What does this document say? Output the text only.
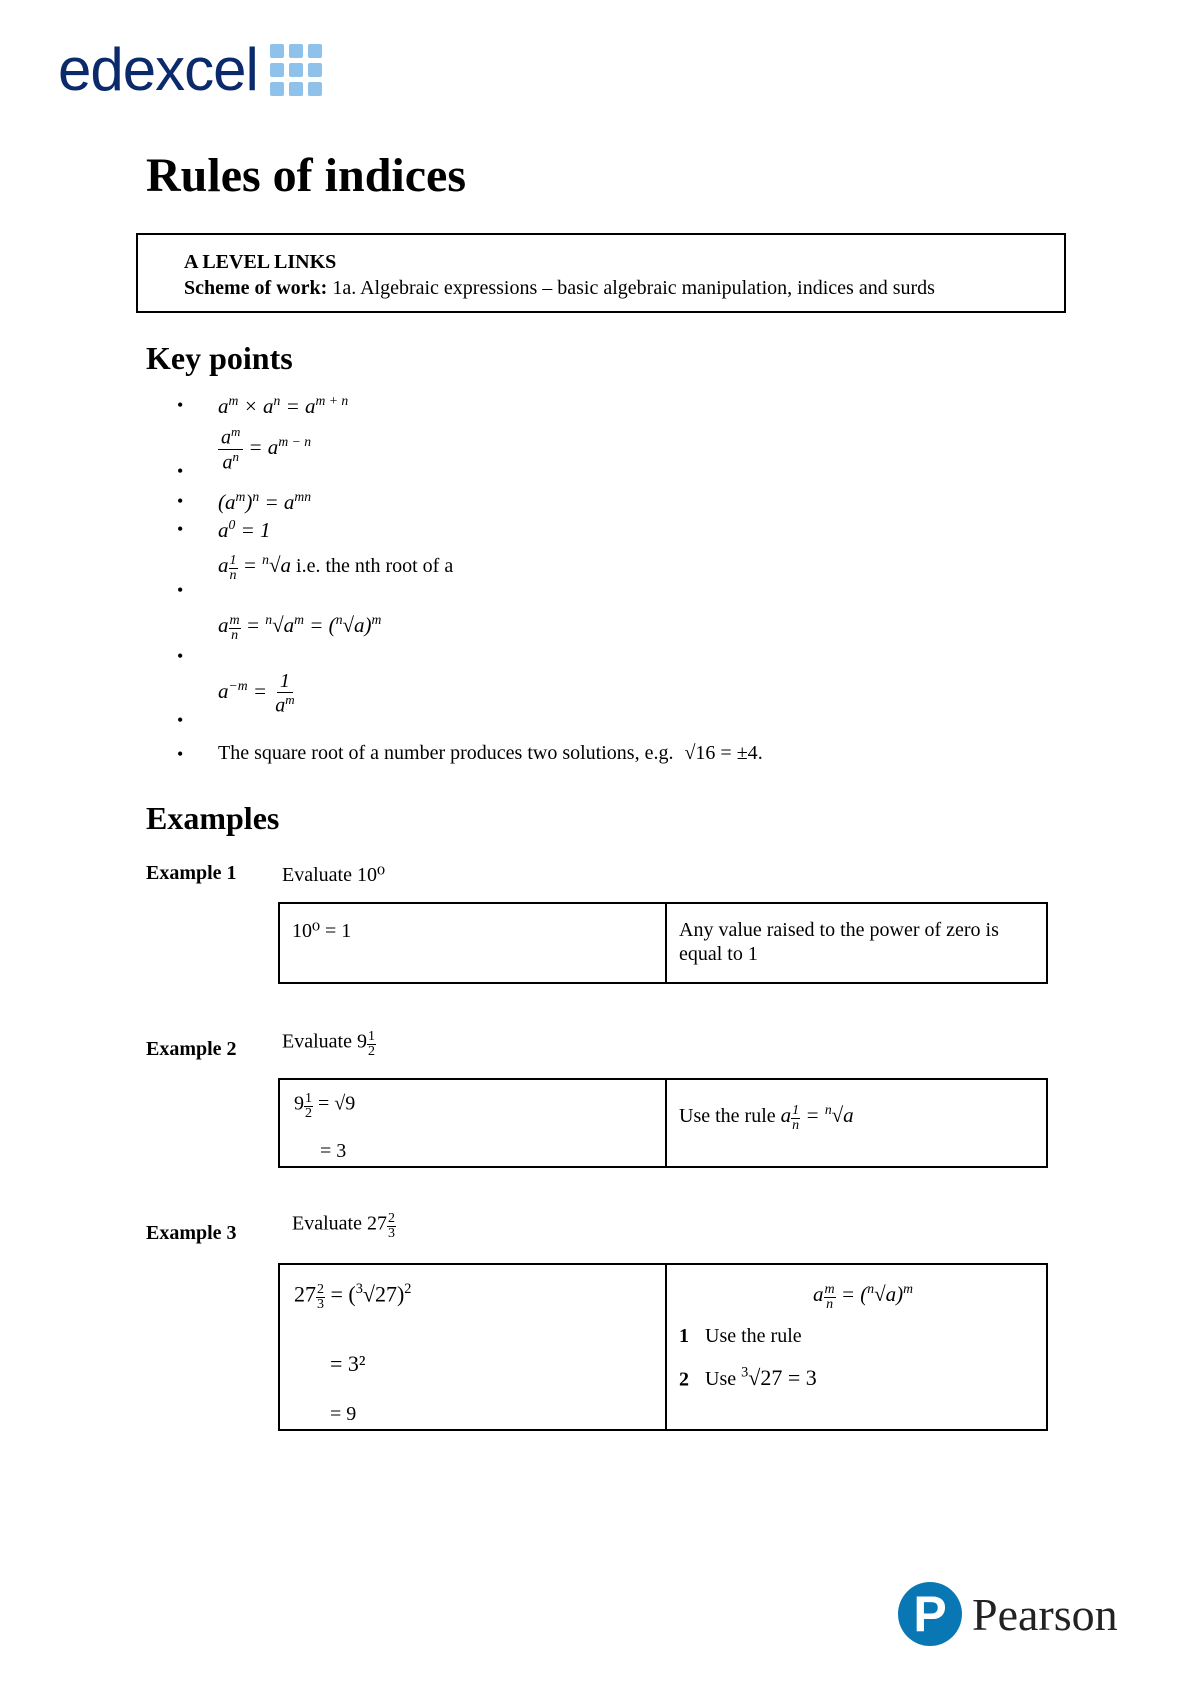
edexcel
Rules of indices
A LEVEL LINKS
Scheme of work: 1a. Algebraic expressions – basic algebraic manipulation, indices and surds
Key points
• $a^m \times a^n = a^{m + n}$
• $\frac{a^m}{a^n} = a^{m - n}$
• $(a^m)^n = a^{mn}$
• $a^0 = 1$
•
a $\frac{1}{n} = ^n√a$ i.e. the nth root of a
•
a $\frac{m}{n} = ^n√a^m = (^n√a)^m$
•
$a^{-m} = \frac{1}{a^m}$
• The square root of a number produces two solutions, e.g. √16 = ±4.
Examples
Example 1 Evaluate 10⁰
10⁰ = 1	Any value raised to the power of zero is equal to 1
Example 2 Evaluate $9 \frac{1}{2}$
$9 \frac{1}{2} = √9$
= 3
Use the rule a $\frac{1}{n} = ^n√a$
Example 3	Evaluate $27 \frac{2}{3}$
$27 \frac{2}{3} = (^3√27)^2$
= 3²
= 9
a $\frac{m}{n} = (^n√a)^m$
1 Use the rule
2 Use $^3$√27 = 3
P Pearson
